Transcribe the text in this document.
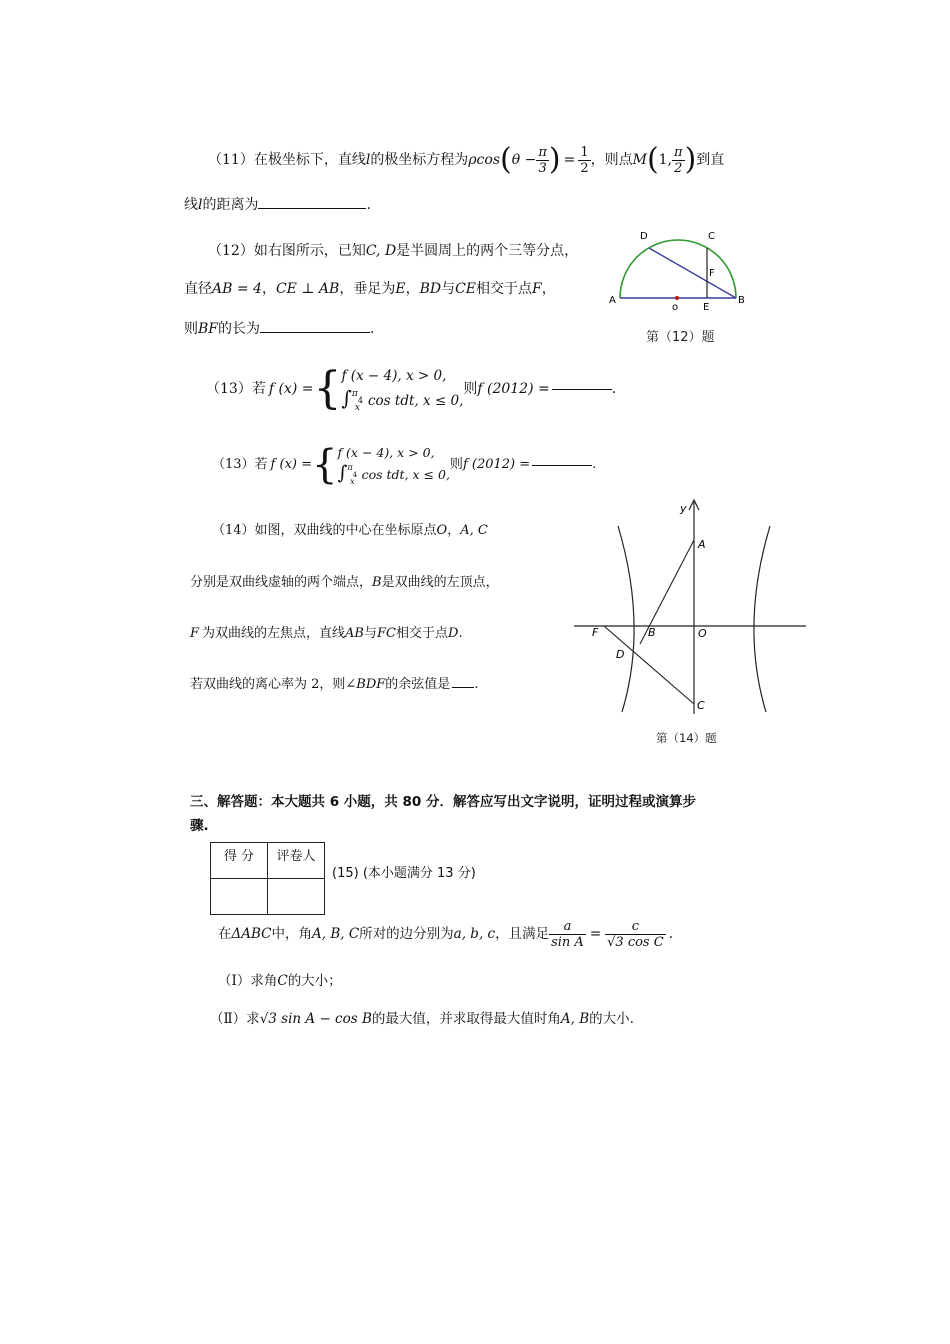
（11）在极坐标下，直线 l 的极坐标方程为 ρcos ( $\theta - \frac{\pi}{3}$ ) = $\frac{1}{2}$ ，则点 M ( 1, $\frac{\pi}{2}$ ) 到直
线l的距离为	.
（12）如右图所示，已知C, D是半圆周上的两个三等分点，
直径AB = 4，CE ⊥ AB，垂足为E，BD与CE相交于点F，
则BF的长为	.
A	B
D	C
F
E
o
第（12）题
（13）若 f (x) = { f (x − 4), x > 0,
$\int^\pi 4_x$ cos tdt, x ≤ 0,
则 f (2012) =	.
（13）若 f (x) = { f (x − 4), x > 0,
$\int^\pi 4_x$ cos tdt, x ≤ 0,
则 f (2012) =	.
（14）如图，双曲线的中心在坐标原点O，A, C
分别是双曲线虚轴的两个端点，B是双曲线的左顶点，
F 为双曲线的左焦点，直线AB与FC相交于点D.
若双曲线的离心率为 2，则∠BDF的余弦值是 .
y
A
F	B	O
D
C
第（14）题
三、解答题：本大题共 6 小题，共 80 分．解答应写出文字说明，证明过程或演算步
骤.
得 分	评卷人

(15) (本小题满分 13 分)
在 ΔABC 中，角 A, B, C 所对的边分别为 a, b, c ，且满足 $\frac{a}{\text{sin A}} = \frac{c}{\text{√3 cos C}}$ .
（Ⅰ）求角C的大小；
（Ⅱ）求√3 sin A − cos B的最大值，并求取得最大值时角A, B的大小.
